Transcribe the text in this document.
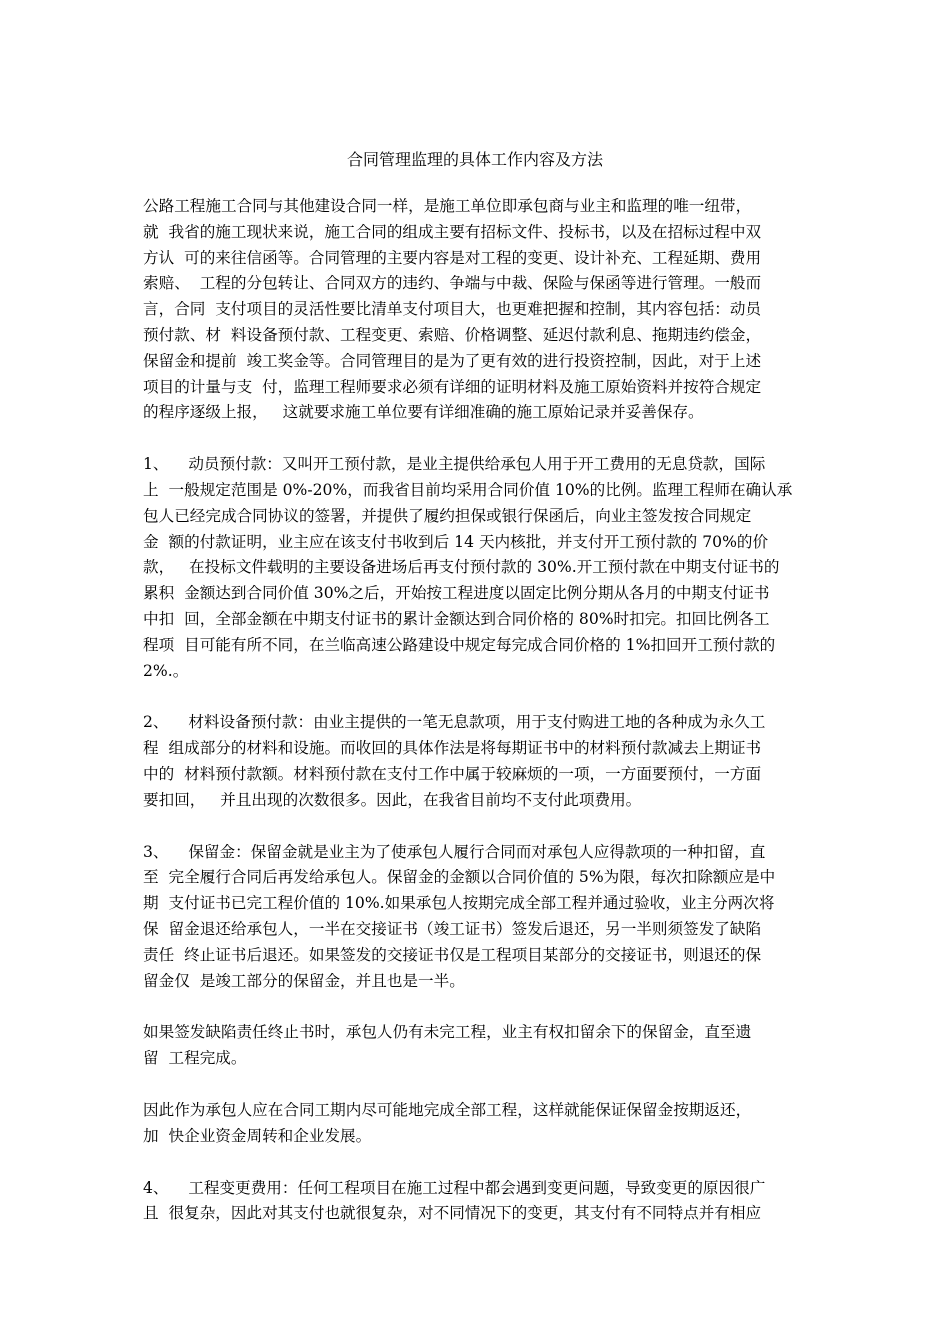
合同管理监理的具体工作内容及方法

公路工程施工合同与其他建设合同一样，是施工单位即承包商与业主和监理的唯一纽带，
就  我省的施工现状来说，施工合同的组成主要有招标文件、投标书，以及在招标过程中双
方认  可的来往信函等。合同管理的主要内容是对工程的变更、设计补充、工程延期、费用
索赔、  工程的分包转让、合同双方的违约、争端与中裁、保险与保函等进行管理。一般而
言，合同  支付项目的灵活性要比清单支付项目大，也更难把握和控制，其内容包括：动员
预付款、材  料设备预付款、工程变更、索赔、价格调整、延迟付款利息、拖期违约偿金，
保留金和提前  竣工奖金等。合同管理目的是为了更有效的进行投资控制，因此，对于上述
项目的计量与支  付，监理工程师要求必须有详细的证明材料及施工原始资料并按符合规定
的程序逐级上报，   这就要求施工单位要有详细准确的施工原始记录并妥善保存。

1、    动员预付款：又叫开工预付款，是业主提供给承包人用于开工费用的无息贷款，国际
上  一般规定范围是 0%-20%，而我省目前均采用合同价值 10%的比例。监理工程师在确认承
包人已经完成合同协议的签署，并提供了履约担保或银行保函后，向业主签发按合同规定
金  额的付款证明，业主应在该支付书收到后 14 天内核批，并支付开工预付款的 70%的价
款，   在投标文件载明的主要设备进场后再支付预付款的 30%.开工预付款在中期支付证书的
累积  金额达到合同价值 30%之后，开始按工程进度以固定比例分期从各月的中期支付证书
中扣  回，全部金额在中期支付证书的累计金额达到合同价格的 80%时扣完。扣回比例各工
程项  目可能有所不同，在兰临高速公路建设中规定每完成合同价格的 1%扣回开工预付款的
2%.。

2、    材料设备预付款：由业主提供的一笔无息款项，用于支付购进工地的各种成为永久工
程  组成部分的材料和设施。而收回的具体作法是将每期证书中的材料预付款减去上期证书
中的  材料预付款额。材料预付款在支付工作中属于较麻烦的一项，一方面要预付，一方面
要扣回，   并且出现的次数很多。因此，在我省目前均不支付此项费用。

3、    保留金：保留金就是业主为了使承包人履行合同而对承包人应得款项的一种扣留，直
至  完全履行合同后再发给承包人。保留金的金额以合同价值的 5%为限，每次扣除额应是中
期  支付证书已完工程价值的 10%.如果承包人按期完成全部工程并通过验收，业主分两次将
保  留金退还给承包人，一半在交接证书（竣工证书）签发后退还，另一半则须签发了缺陷
责任  终止证书后退还。如果签发的交接证书仅是工程项目某部分的交接证书，则退还的保
留金仅  是竣工部分的保留金，并且也是一半。

如果签发缺陷责任终止书时，承包人仍有未完工程，业主有权扣留余下的保留金，直至遗
留  工程完成。

因此作为承包人应在合同工期内尽可能地完成全部工程，这样就能保证保留金按期返还，
加  快企业资金周转和企业发展。

4、    工程变更费用：任何工程项目在施工过程中都会遇到变更问题，导致变更的原因很广
且  很复杂，因此对其支付也就很复杂，对不同情况下的变更，其支付有不同特点并有相应
